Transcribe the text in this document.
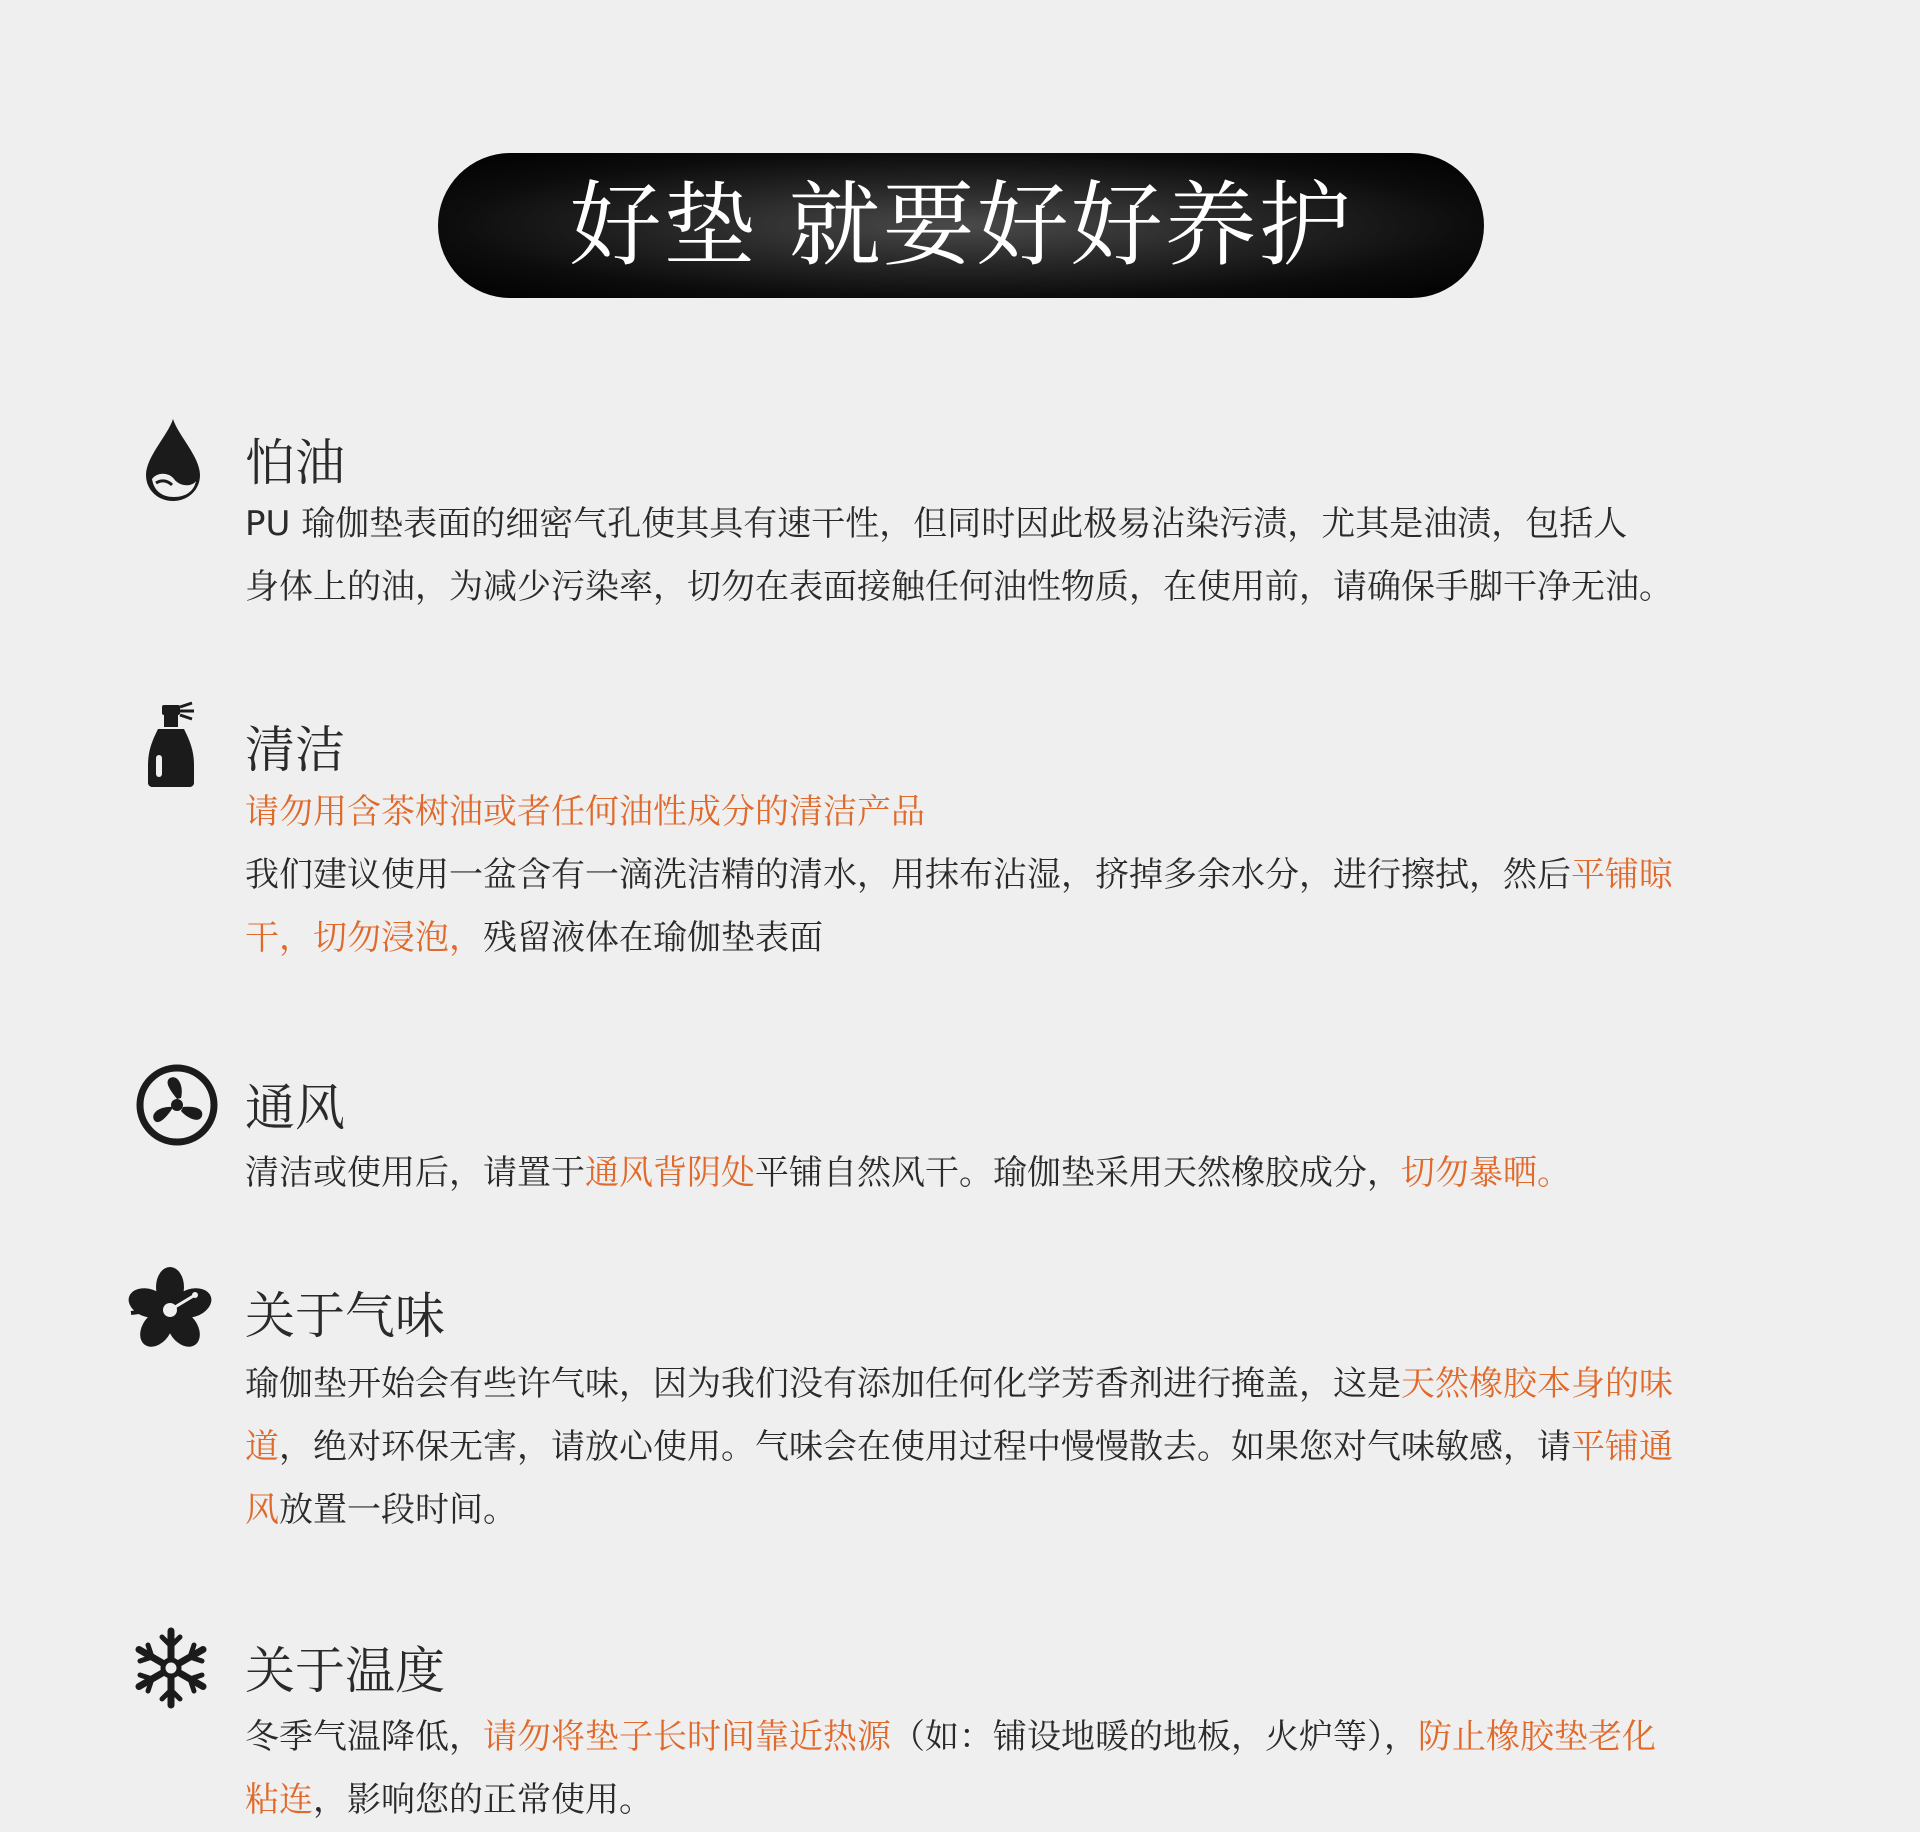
好垫 就要好好养护
怕油
PU 瑜伽垫表面的细密气孔使其具有速干性，但同时因此极易沾染污渍，尤其是油渍，包括人
身体上的油，为减少污染率，切勿在表面接触任何油性物质，在使用前，请确保手脚干净无油。
清洁
请勿用含茶树油或者任何油性成分的清洁产品
我们建议使用一盆含有一滴洗洁精的清水，用抹布沾湿，挤掉多余水分，进行擦拭，然后平铺晾
干，切勿浸泡，残留液体在瑜伽垫表面
通风
清洁或使用后，请置于通风背阴处平铺自然风干。瑜伽垫采用天然橡胶成分，切勿暴晒。
关于气味
瑜伽垫开始会有些许气味，因为我们没有添加任何化学芳香剂进行掩盖，这是天然橡胶本身的味
道，绝对环保无害，请放心使用。气味会在使用过程中慢慢散去。如果您对气味敏感，请平铺通
风放置一段时间。
关于温度
冬季气温降低，请勿将垫子长时间靠近热源（如：铺设地暖的地板，火炉等），防止橡胶垫老化
粘连，影响您的正常使用。
